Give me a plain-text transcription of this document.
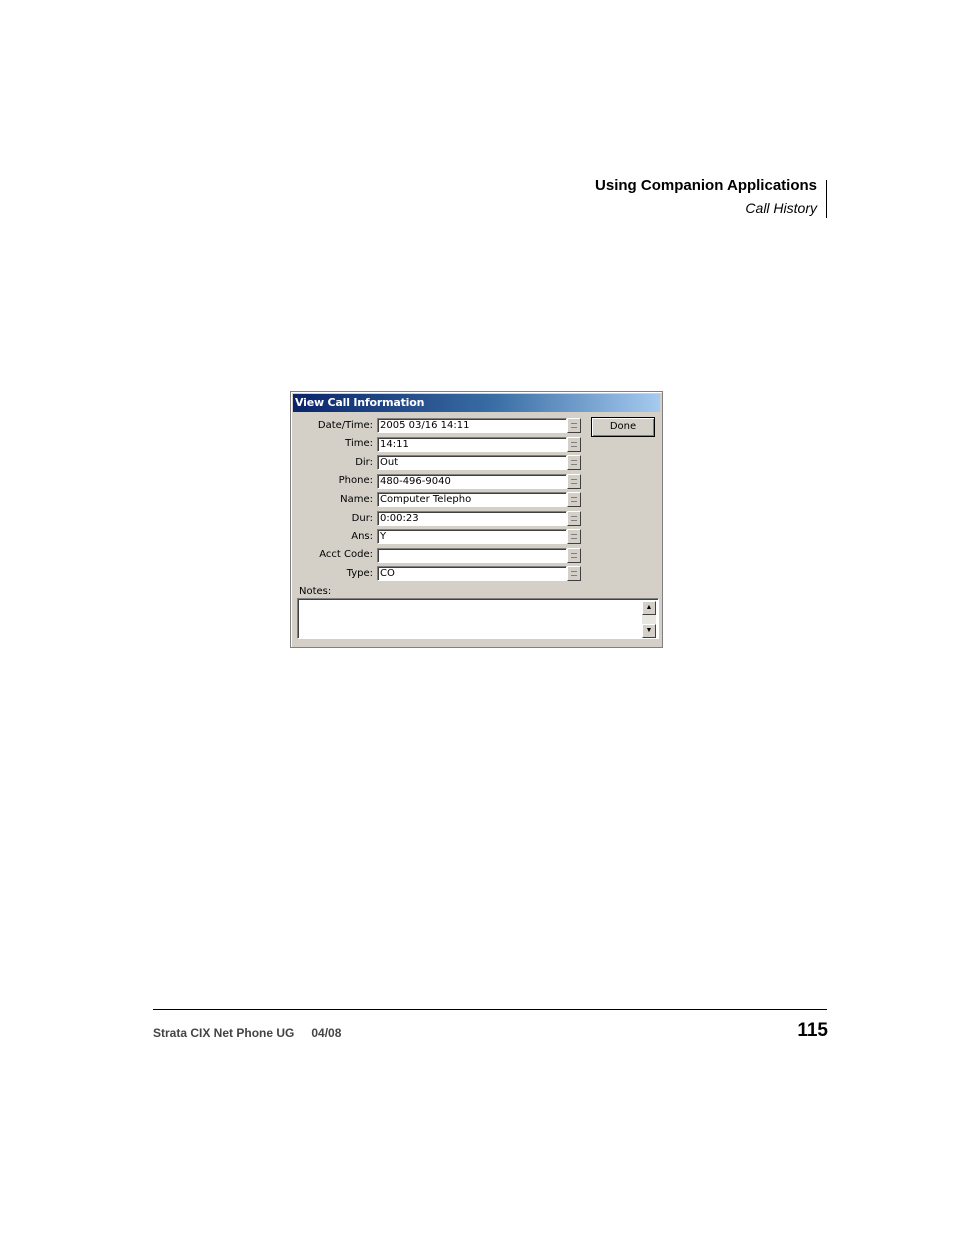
Using Companion Applications
Call History
View Call Information
Date/Time: 2005 03/16 14:11
Time: 14:11
Dir: Out
Phone: 480-496-9040
Name: Computer Telepho
Dur: 0:00:23
Ans: Y
Acct Code:
Type: CO
Done
Notes:
▲
▼
Strata CIX Net Phone UG 04/08	115
